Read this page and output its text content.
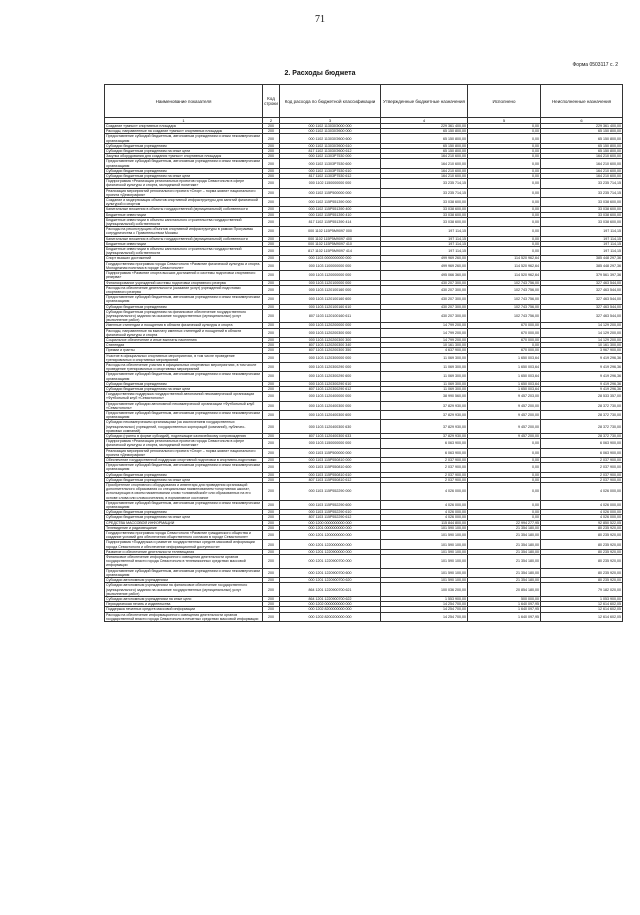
71
Форма 0503117 с. 2
2. Расходы бюджета
Наименование показателя	Код строки	Код расхода по бюджетной классификации	Утвержденные бюджетные назначения	Исполнено	Неисполненные назначения
1	2	3	4	5	6
Создание «умных» спортивных площадок	200	000 1102 113030Э000 000	229 361 400,00	0,00	229 361 400,00
Расходы, направленные на создание «умных» спортивных площадок	200	000 1102 113030Э500 000	65 150 800,00	0,00	65 150 800,00
Предоставление субсидий бюджетным, автономным учреждениям и иным некоммерческим организациям	200	000 1102 113030Э500 600	65 150 800,00	0,00	65 150 800,00
Субсидии бюджетным учреждениям	200	000 1102 113030Э500 610	65 150 800,00	0,00	65 150 800,00
Субсидии бюджетным учреждениям на иные цели	200	817 1102 113030Э500 612	65 150 800,00	0,00	65 150 800,00
Закупка оборудования для создания «умных» спортивных площадок	200	000 1102 11303Р7530 000	164 210 600,00	0,00	164 210 600,00
Предоставление субсидий бюджетным, автономным учреждениям и иным некоммерческим организациям	200	000 1102 11303Р7530 600	164 210 600,00	0,00	164 210 600,00
Субсидии бюджетным учреждениям	200	000 1102 11303Р7530 610	164 210 600,00	0,00	164 210 600,00
Субсидии бюджетным учреждениям на иные цели	200	817 1102 11303Р7530 612	164 210 600,00	0,00	164 210 600,00
Подпрограмма «Реализация региональных проектов города Севастополя в сфере физической культуры и спорта, молодежной политики»	200	000 1102 1150000000 000	33 235 714,15	0,00	33 235 714,15
Реализация мероприятий регионального проекта «Спорт – норма жизни» национального проекта «Демография»	200	000 1102 115Р500000 000	33 235 714,15	0,00	33 235 714,15
Создание и модернизация объектов спортивной инфраструктуры для занятий физической культурой и спортом	200	000 1102 115Р551390 000	33 038 600,00	0,00	33 038 600,00
Капитальные вложения в объекты государственной (муниципальной) собственности	200	000 1102 115Р551390 400	33 038 600,00	0,00	33 038 600,00
Бюджетные инвестиции	200	000 1102 115Р551390 410	33 038 600,00	0,00	33 038 600,00
Бюджетные инвестиции в объекты капитального строительства государственной (муниципальной) собственности	200	817 1102 115Р551390 414	33 038 600,00	0,00	33 038 600,00
Расходы на реконструкцию объектов спортивной инфраструктуры в рамках Программы сотрудничества с Правительством Москвы	200	000 1102 115Р5М9097 000	197 114,15	0,00	197 114,15
Капитальные вложения в объекты государственной (муниципальной) собственности	200	000 1102 115Р5М9097 400	197 114,15	0,00	197 114,15
Бюджетные инвестиции	200	000 1102 115Р5М9097 410	197 114,15	0,00	197 114,15
Бюджетные инвестиции в объекты капитального строительства государственной (муниципальной) собственности	200	817 1102 115Р5М9097 414	197 114,15	0,00	197 114,15
Спорт высших достижений	200	000 1103 0000000000 000	499 969 260,00	114 520 962,64	385 448 297,36
Государственная программа города Севастополя «Развитие физической культуры и спорта. Молодежная политика в городе Севастополе»	200	000 1103 1100000000 000	499 969 260,00	114 520 962,64	385 448 297,36
Подпрограмма «Развитие спорта высших достижений и системы подготовки спортивного резерва»	200	000 1103 1120000000 000	495 066 360,00	114 520 962,64	379 561 397,36
Финансирование учреждений системы подготовки спортивного резерва	200	000 1103 1120100000 000	430 207 300,00	102 743 756,00	327 463 544,00
Расходы на обеспечение деятельности (оказание услуг) учреждений подготовки спортивного резерва	200	000 1103 1120100160 000	430 207 300,00	102 743 756,00	327 463 544,00
Предоставление субсидий бюджетным, автономным учреждениям и иным некоммерческим организациям	200	000 1103 1120100160 600	430 207 300,00	102 743 756,00	327 463 544,00
Субсидии бюджетным учреждениям	200	000 1103 1120100160 610	430 207 300,00	102 743 756,00	327 463 544,00
Субсидии бюджетным учреждениям на финансовое обеспечение государственного (муниципального) задания на оказание государственных (муниципальных) услуг (выполнение работ)	200	807 1103 1120100160 611	430 207 300,00	102 743 756,00	327 463 544,00
Именные стипендии и поощрения в области физической культуры и спорта	200	000 1103 1120200000 000	14 799 200,00	670 000,00	14 129 200,00
Расходы, направленные на выплату именных стипендий и поощрений в области физической культуры и спорта	200	000 1103 1120200300 000	14 799 200,00	670 000,00	14 129 200,00
Социальное обеспечение и иные выплаты населению	200	000 1103 1120200300 300	14 799 200,00	670 000,00	14 129 200,00
Стипендии	200	807 1103 1120200300 340	10 161 300,00	0,00	10 161 300,00
Премии и гранты	200	807 1103 1120200300 350	4 637 900,00	670 000,00	3 967 900,00
Участие в официальных спортивных мероприятиях, в том числе проведение тренировочных и спортивных мероприятий	200	000 1103 1120300000 000	11 069 300,00	1 650 003,64	9 419 296,36
Расходы на обеспечение участия в официальных спортивных мероприятиях, в том числе проведение тренировочных и спортивных мероприятий	200	000 1103 1120300290 000	11 069 300,00	1 650 003,64	9 419 296,36
Предоставление субсидий бюджетным, автономным учреждениям и иным некоммерческим организациям	200	000 1103 1120300290 600	11 069 300,00	1 650 003,64	9 419 296,36
Субсидии бюджетным учреждениям	200	000 1103 1120300290 610	11 069 300,00	1 650 003,64	9 419 296,36
Субсидии бюджетным учреждениям на иные цели	200	807 1103 1120300290 612	11 069 300,00	1 650 003,64	9 419 296,36
Государственная поддержка государственной автономной некоммерческой организации «Футбольный клуб «Севастополь»	200	000 1103 1120400000 000	38 990 560,00	9 457 203,00	28 533 357,00
Предоставление субсидии автономной некоммерческой организации «Футбольный клуб «Севастополь»	200	000 1103 1120400300 000	37 829 930,00	9 457 200,00	28 372 730,00
Предоставление субсидий бюджетным, автономным учреждениям и иным некоммерческим организациям	200	000 1103 1120400300 600	37 829 930,00	9 457 200,00	28 372 730,00
Субсидии некоммерческим организациям (за исключением государственных (муниципальных) учреждений, государственных корпораций (компаний), публично-правовых компаний)	200	000 1103 1120400300 630	37 829 930,00	9 457 200,00	28 372 730,00
Субсидии (гранты в форме субсидий), подлежащие казначейскому сопровождению	200	807 1103 1120400300 633	37 829 930,00	9 457 200,00	28 372 730,00
Подпрограмма «Реализация региональных проектов города Севастополя в сфере физической культуры и спорта, молодежной политики»	200	000 1103 1150000000 000	6 063 900,00	0,00	6 063 900,00
Реализация мероприятий регионального проекта «Спорт – норма жизни» национального проекта «Демография»	200	000 1103 115Р500000 000	6 063 900,00	0,00	6 063 900,00
Обеспечение государственной поддержки спортивной подготовки в спортивно-подготовки	200	000 1103 115Р550810 000	2 037 900,00	0,00	2 037 900,00
Предоставление субсидий бюджетным, автономным учреждениям и иным некоммерческим организациям	200	000 1103 115Р550810 600	2 037 900,00	0,00	2 037 900,00
Субсидии бюджетным учреждениям	200	000 1103 115Р550810 610	2 037 900,00	0,00	2 037 900,00
Субсидии бюджетным учреждениям на иные цели	200	807 1103 115Р550810 612	2 037 900,00	0,00	2 037 900,00
Приобретение спортивного оборудования и инвентаря для приведения организаций дополнительного образования со специальным наименованием «спортивная школа», использующих в своем наименовании слово «олимпийский» или образованных на его основе слова или словосочетания, в нормативное состояние	200	000 1103 115Р552290 000	4 026 000,00	0,00	4 026 000,00
Предоставление субсидий бюджетным, автономным учреждениям и иным некоммерческим организациям	200	000 1103 115Р552290 600	4 026 000,00	0,00	4 026 000,00
Субсидии бюджетным учреждениям	200	000 1103 115Р552290 610	4 026 000,00	0,00	4 026 000,00
Субсидии бюджетным учреждениям на иные цели	200	807 1103 115Р552290 612	4 026 000,00	0,00	4 026 000,00
СРЕДСТВА МАССОВОЙ ИНФОРМАЦИИ	200	000 1200 0000000000 000	115 844 800,00	22 994 277,95	92 850 522,05
Телевидение и радиовещание	200	000 1201 0000000000 000	101 590 100,00	21 354 180,00	80 235 920,00
Государственная программа города Севастополя «Развитие гражданского общества и создание условий для обеспечения общественного согласия в городе Севастополе»	200	000 1201 1200000000 000	101 590 100,00	21 354 180,00	80 235 920,00
Подпрограмма «Поддержка и развитие государственных средств массовой информации города Севастополя и обеспечение информационной доступности»	200	000 1201 1220000000 000	101 590 100,00	21 354 180,00	80 235 920,00
Развитие и обеспечение деятельности телевещания	200	000 1201 1220900000 000	101 590 100,00	21 354 180,00	80 235 920,00
Финансовое обеспечение информационного освещения деятельности органов государственной власти города Севастополя в телевизионных средствах массовой информации	200	000 1201 1220900700 000	101 590 100,00	21 354 180,00	80 235 920,00
Предоставление субсидий бюджетным, автономным учреждениям и иным некоммерческим организациям	200	000 1201 1220900700 600	101 590 100,00	21 354 180,00	80 235 920,00
Субсидии автономным учреждениям	200	000 1201 1220900700 620	101 590 100,00	21 354 180,00	80 235 920,00
Субсидии автономным учреждениям на финансовое обеспечение государственного (муниципального) задания на оказание государственных (муниципальных) услуг (выполнение работ)	200	864 1201 1220900700 621	100 036 200,00	20 854 180,00	79 182 020,00
Субсидии автономным учреждениям на иные цели	200	864 1201 1220900700 622	1 553 900,00	500 000,00	1 053 900,00
Периодическая печать и издательства	200	000 1202 0000000000 000	14 254 700,00	1 640 097,95	12 614 602,05
Поддержка печатных средств массовой информации	200	000 1202 8200000000 000	14 254 700,00	1 640 097,95	12 614 602,05
Расходы на обеспечение информационного освещения деятельности органов государственной власти города Севастополя в печатных средствах массовой информации	200	000 1202 8200200000 000	14 254 700,00	1 640 097,95	12 614 602,05
